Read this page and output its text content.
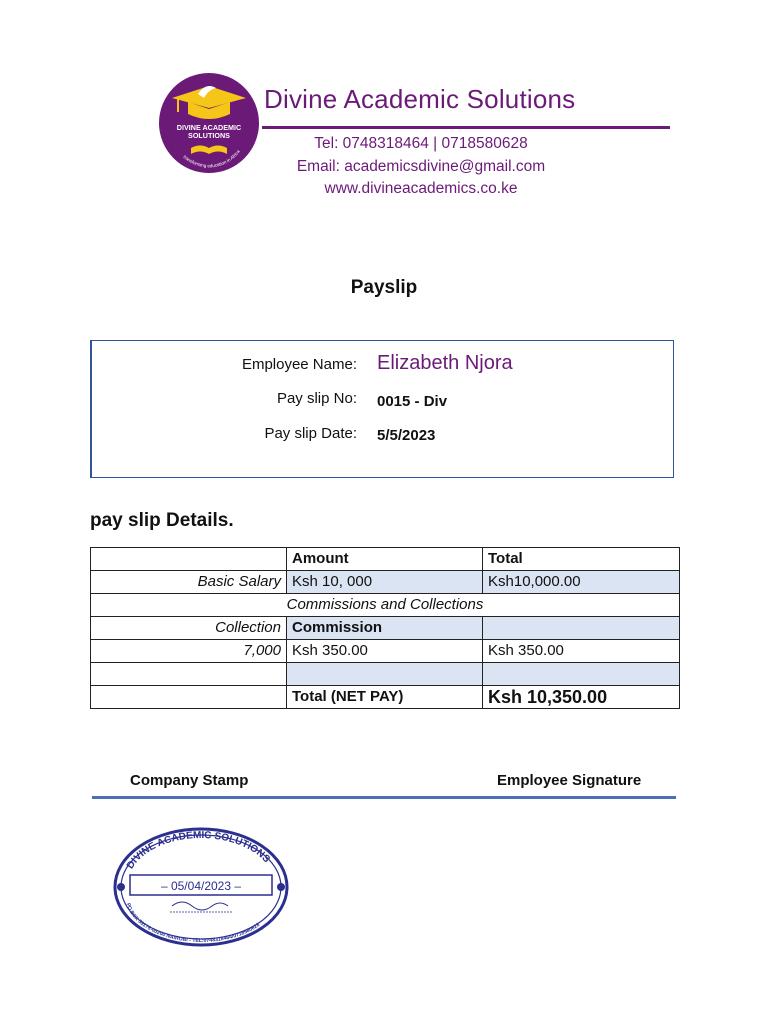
DIVINE ACADEMIC
SOLUTIONS
transforming education in Africa
Divine Academic Solutions
Tel: 0748318464 | 0718580628
Email: academicsdivine@gmail.com
www.divineacademics.co.ke
Payslip
Employee Name: Elizabeth Njora
Pay slip No: 0015 - Div
Pay slip Date: 5/5/2023
pay slip Details.
	Amount	Total
Basic Salary	Ksh 10, 000	Ksh10,000.00
Commissions and Collections		
Collection	Commission	
7,000	Ksh 350.00	Ksh 350.00

	Total (NET PAY)	Ksh 10,350.00
Company Stamp	Employee Signature
DIVINE ACADEMIC SOLUTIONS
PO BOX 59178-00200 NAIROBI - TEL:0748318464/0718580628
– 05/04/2023 –
